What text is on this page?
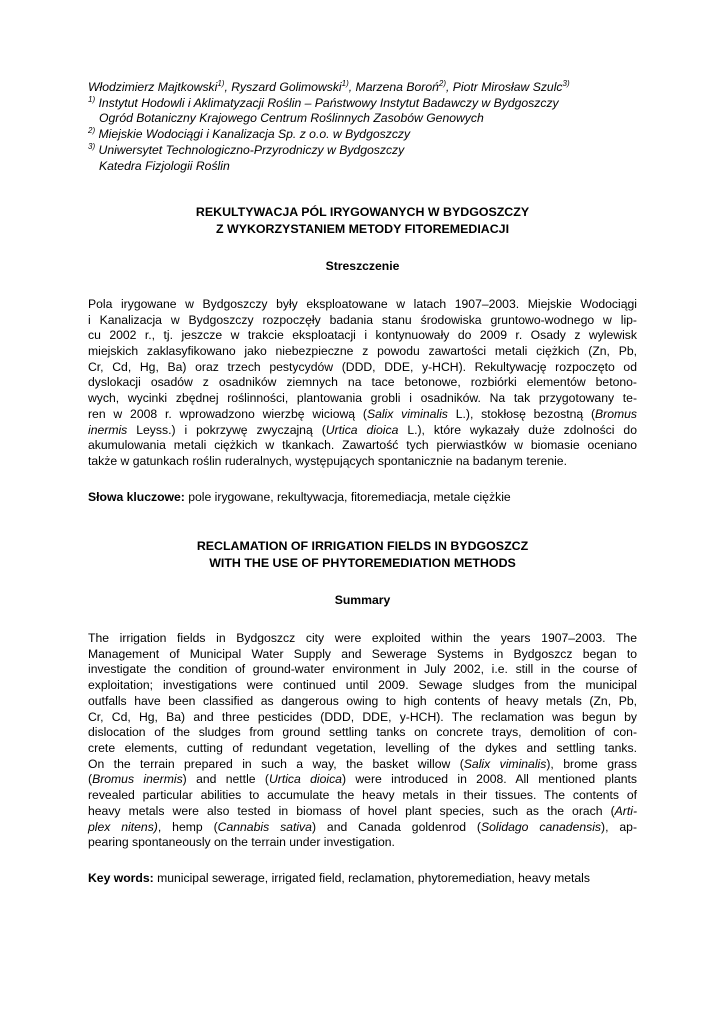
Włodzimierz Majtkowski$^{1)}$, Ryszard Golimowski$^{1)}$, Marzena Boroń$^{2)}$, Piotr Mirosław Szulc$^{3)}$
$^{1)}$ Instytut Hodowli i Aklimatyzacji Roślin – Państwowy Instytut Badawczy w Bydgoszczy
Ogród Botaniczny Krajowego Centrum Roślinnych Zasobów Genowych
$^{2)}$ Miejskie Wodociągi i Kanalizacja Sp. z o.o. w Bydgoszczy
$^{3)}$ Uniwersytet Technologiczno-Przyrodniczy w Bydgoszczy
Katedra Fizjologii Roślin
REKULTYWACJA PÓL IRYGOWANYCH W BYDGOSZCZY
Z WYKORZYSTANIEM METODY FITOREMEDIACJI
Streszczenie
Pola irygowane w Bydgoszczy były eksploatowane w latach 1907–2003. Miejskie Wodociągi
i Kanalizacja w Bydgoszczy rozpoczęły badania stanu środowiska gruntowo-wodnego w lip-
cu 2002 r., tj. jeszcze w trakcie eksploatacji i kontynuowały do 2009 r. Osady z wylewisk
miejskich zaklasyfikowano jako niebezpieczne z powodu zawartości metali ciężkich (Zn, Pb,
Cr, Cd, Hg, Ba) oraz trzech pestycydów (DDD, DDE, y-HCH). Rekultywację rozpoczęto od
dyslokacji osadów z osadników ziemnych na tace betonowe, rozbiórki elementów betono-
wych, wycinki zbędnej roślinności, plantowania grobli i osadników. Na tak przygotowany te-
ren w 2008 r. wprowadzono wierzbę wiciową (Salix viminalis L.), stokłosę bezostną (Bromus
inermis Leyss.) i pokrzywę zwyczajną (Urtica dioica L.), które wykazały duże zdolności do
akumulowania metali ciężkich w tkankach. Zawartość tych pierwiastków w biomasie oceniano
także w gatunkach roślin ruderalnych, występujących spontanicznie na badanym terenie.
Słowa kluczowe: pole irygowane, rekultywacja, fitoremediacja, metale ciężkie
RECLAMATION OF IRRIGATION FIELDS IN BYDGOSZCZ
WITH THE USE OF PHYTOREMEDIATION METHODS
Summary
The irrigation fields in Bydgoszcz city were exploited within the years 1907–2003. The
Management of Municipal Water Supply and Sewerage Systems in Bydgoszcz began to
investigate the condition of ground-water environment in July 2002, i.e. still in the course of
exploitation; investigations were continued until 2009. Sewage sludges from the municipal
outfalls have been classified as dangerous owing to high contents of heavy metals (Zn, Pb,
Cr, Cd, Hg, Ba) and three pesticides (DDD, DDE, y-HCH). The reclamation was begun by
dislocation of the sludges from ground settling tanks on concrete trays, demolition of con-
crete elements, cutting of redundant vegetation, levelling of the dykes and settling tanks.
On the terrain prepared in such a way, the basket willow (Salix viminalis), brome grass
(Bromus inermis) and nettle (Urtica dioica) were introduced in 2008. All mentioned plants
revealed particular abilities to accumulate the heavy metals in their tissues. The contents of
heavy metals were also tested in biomass of hovel plant species, such as the orach (Arti-
plex nitens), hemp (Cannabis sativa) and Canada goldenrod (Solidago canadensis), ap-
pearing spontaneously on the terrain under investigation.
Key words: municipal sewerage, irrigated field, reclamation, phytoremediation, heavy metals
